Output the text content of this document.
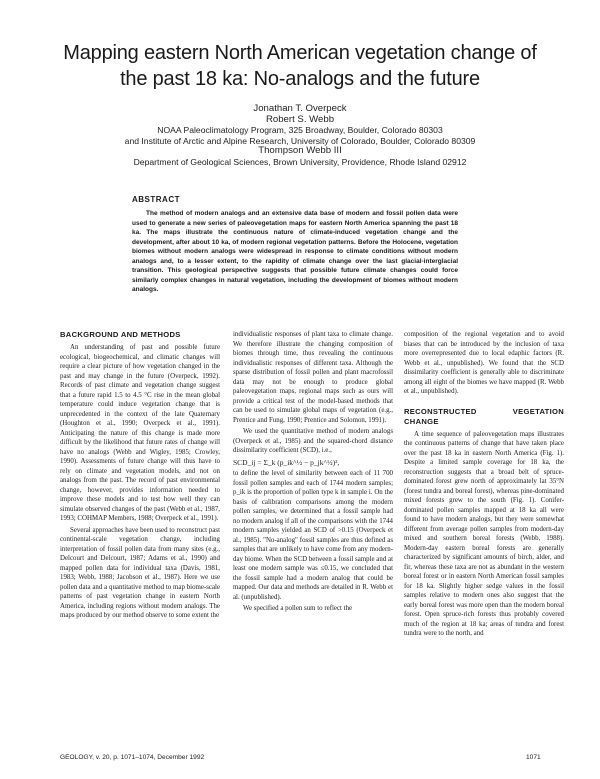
Mapping eastern North American vegetation change of the past 18 ka: No-analogs and the future
Jonathan T. Overpeck
Robert S. Webb
NOAA Paleoclimatology Program, 325 Broadway, Boulder, Colorado 80303
and Institute of Arctic and Alpine Research, University of Colorado, Boulder, Colorado 80309
Thompson Webb III
Department of Geological Sciences, Brown University, Providence, Rhode Island 02912
ABSTRACT
The method of modern analogs and an extensive data base of modern and fossil pollen data were used to generate a new series of paleovegetation maps for eastern North America spanning the past 18 ka. The maps illustrate the continuous nature of climate-induced vegetation change and the development, after about 10 ka, of modern regional vegetation patterns. Before the Holocene, vegetation biomes without modern analogs were widespread in response to climate conditions without modern analogs and, to a lesser extent, to the rapidity of climate change over the last glacial-interglacial transition. This geological perspective suggests that possible future climate changes could force similarly complex changes in natural vegetation, including the development of biomes without modern analogs.
BACKGROUND AND METHODS

An understanding of past and possible future ecological, biogeochemical, and climatic changes will require a clear picture of how vegetation changed in the past and may change in the future (Overpeck, 1992). Records of past climate and vegetation change suggest that a future rapid 1.5 to 4.5 °C rise in the mean global temperature could induce vegetation change that is unprecedented in the context of the late Quaternary (Houghton et al., 1990; Overpeck et al., 1991). Anticipating the nature of this change is made more difficult by the likelihood that future rates of change will have no analogs (Webb and Wigley, 1985; Crowley, 1990). Assessments of future change will thus have to rely on climate and vegetation models, and not on analogs from the past. The record of past environmental change, however, provides information needed to improve these models and to test how well they can simulate observed changes of the past (Webb et al., 1987, 1993; COHMAP Members, 1988; Overpeck et al., 1991).

Several approaches have been used to reconstruct past continental-scale vegetation change, including interpretation of fossil pollen data from many sites (e.g., Delcourt and Delcourt, 1987; Adams et al., 1990) and mapped pollen data for individual taxa (Davis, 1981, 1983; Webb, 1988; Jacobson et al., 1987). Here we use pollen data and a quantitative method to map biome-scale patterns of past vegetation change in eastern North America, including regions without modern analogs. The maps produced by our method observe to some extent the

individualistic responses of plant taxa to climate change. We therefore illustrate the changing composition of biomes through time, thus revealing the continuous individualistic responses of different taxa. Although the sparse distribution of fossil pollen and plant macrofossil data may not be enough to produce global paleovegetation maps, regional maps such as ours will provide a critical test of the model-based methods that can be used to simulate global maps of vegetation (e.g., Prentice and Fung, 1990; Prentice and Solomon, 1991).

We used the quantitative method of modern analogs (Overpeck et al., 1985) and the squared-chord distance dissimilarity coefficient (SCD), i.e.,

SCD_ij = Σ_k (p_ik^½ − p_jk^½)²,

to define the level of similarity between each of 11 700 fossil pollen samples and each of 1744 modern samples; p_ik is the proportion of pollen type k in sample i. On the basis of calibration comparisons among the modern pollen samples, we determined that a fossil sample had no modern analog if all of the comparisons with the 1744 modern samples yielded an SCD of >0.15 (Overpeck et al., 1985). "No-analog" fossil samples are thus defined as samples that are unlikely to have come from any modern-day biome. When the SCD between a fossil sample and at least one modern sample was ≤0.15, we concluded that the fossil sample had a modern analog that could be mapped. Our data and methods are detailed in R. Webb et al. (unpublished).

We specified a pollen sum to reflect the

composition of the regional vegetation and to avoid biases that can be introduced by the inclusion of taxa more overrepresented due to local edaphic factors (R. Webb et al., unpublished). We found that the SCD dissimilarity coefficient is generally able to discriminate among all eight of the biomes we have mapped (R. Webb et al., unpublished).

RECONSTRUCTED VEGETATION CHANGE

A time sequence of paleovegetation maps illustrates the continuous patterns of change that have taken place over the past 18 ka in eastern North America (Fig. 1). Despite a limited sample coverage for 18 ka, the reconstruction suggests that a broad belt of spruce-dominated forest grew north of approximately lat 35°N (forest tundra and boreal forest), whereas pine-dominated mixed forests grew to the south (Fig. 1). Conifer-dominated pollen samples mapped at 18 ka all were found to have modern analogs, but they were somewhat different from average pollen samples from modern-day mixed and southern boreal forests (Webb, 1988). Modern-day eastern boreal forests are generally characterized by significant amounts of birch, alder, and fir, whereas these taxa are not as abundant in the western boreal forest or in eastern North American fossil samples for 18 ka. Slightly higher sedge values in the fossil samples relative to modern ones also suggest that the early boreal forest was more open than the modern boreal forest. Open spruce-rich forests thus probably covered much of the region at 18 ka; areas of tundra and forest tundra were to the north, and

GEOLOGY, v. 20, p. 1071–1074, December 1992	1071
